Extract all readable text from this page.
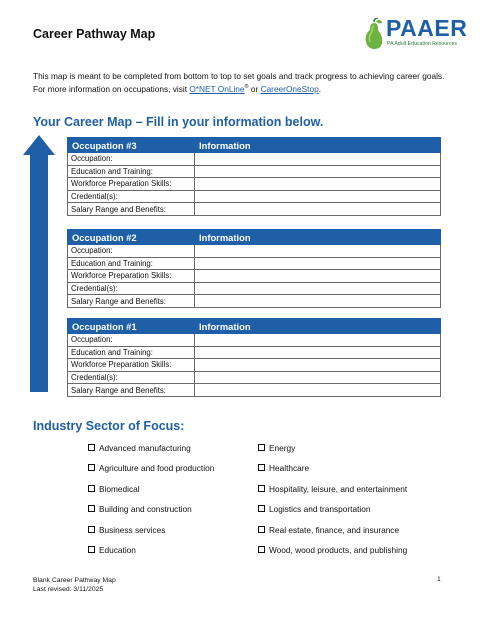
Career Pathway Map	PAAER
PA Adult Education Resources

This map is meant to be completed from bottom to top to set goals and track progress to achieving career goals. For more information on occupations, visit O*NET OnLine® or CareerOneStop.

Your Career Map – Fill in your information below.
Career Pathway
Occupation #3	Information
Occupation:	
Education and Training:	
Workforce Preparation Skills:	
Credential(s):	
Salary Range and Benefits:	
Occupation #2	Information
Occupation:	
Education and Training:	
Workforce Preparation Skills:	
Credential(s):	
Salary Range and Benefits:	
Occupation #1	Information
Occupation:	
Education and Training:	
Workforce Preparation Skills:	
Credential(s):	
Salary Range and Benefits:	
Industry Sector of Focus:
Advanced manufacturing
Agriculture and food production
Biomedical
Building and construction
Business services
Education
Energy
Healthcare
Hospitality, leisure, and entertainment
Logistics and transportation
Real estate, finance, and insurance
Wood, wood products, and publishing
Blank Career Pathway Map
Last revised: 3/11/2025
1
